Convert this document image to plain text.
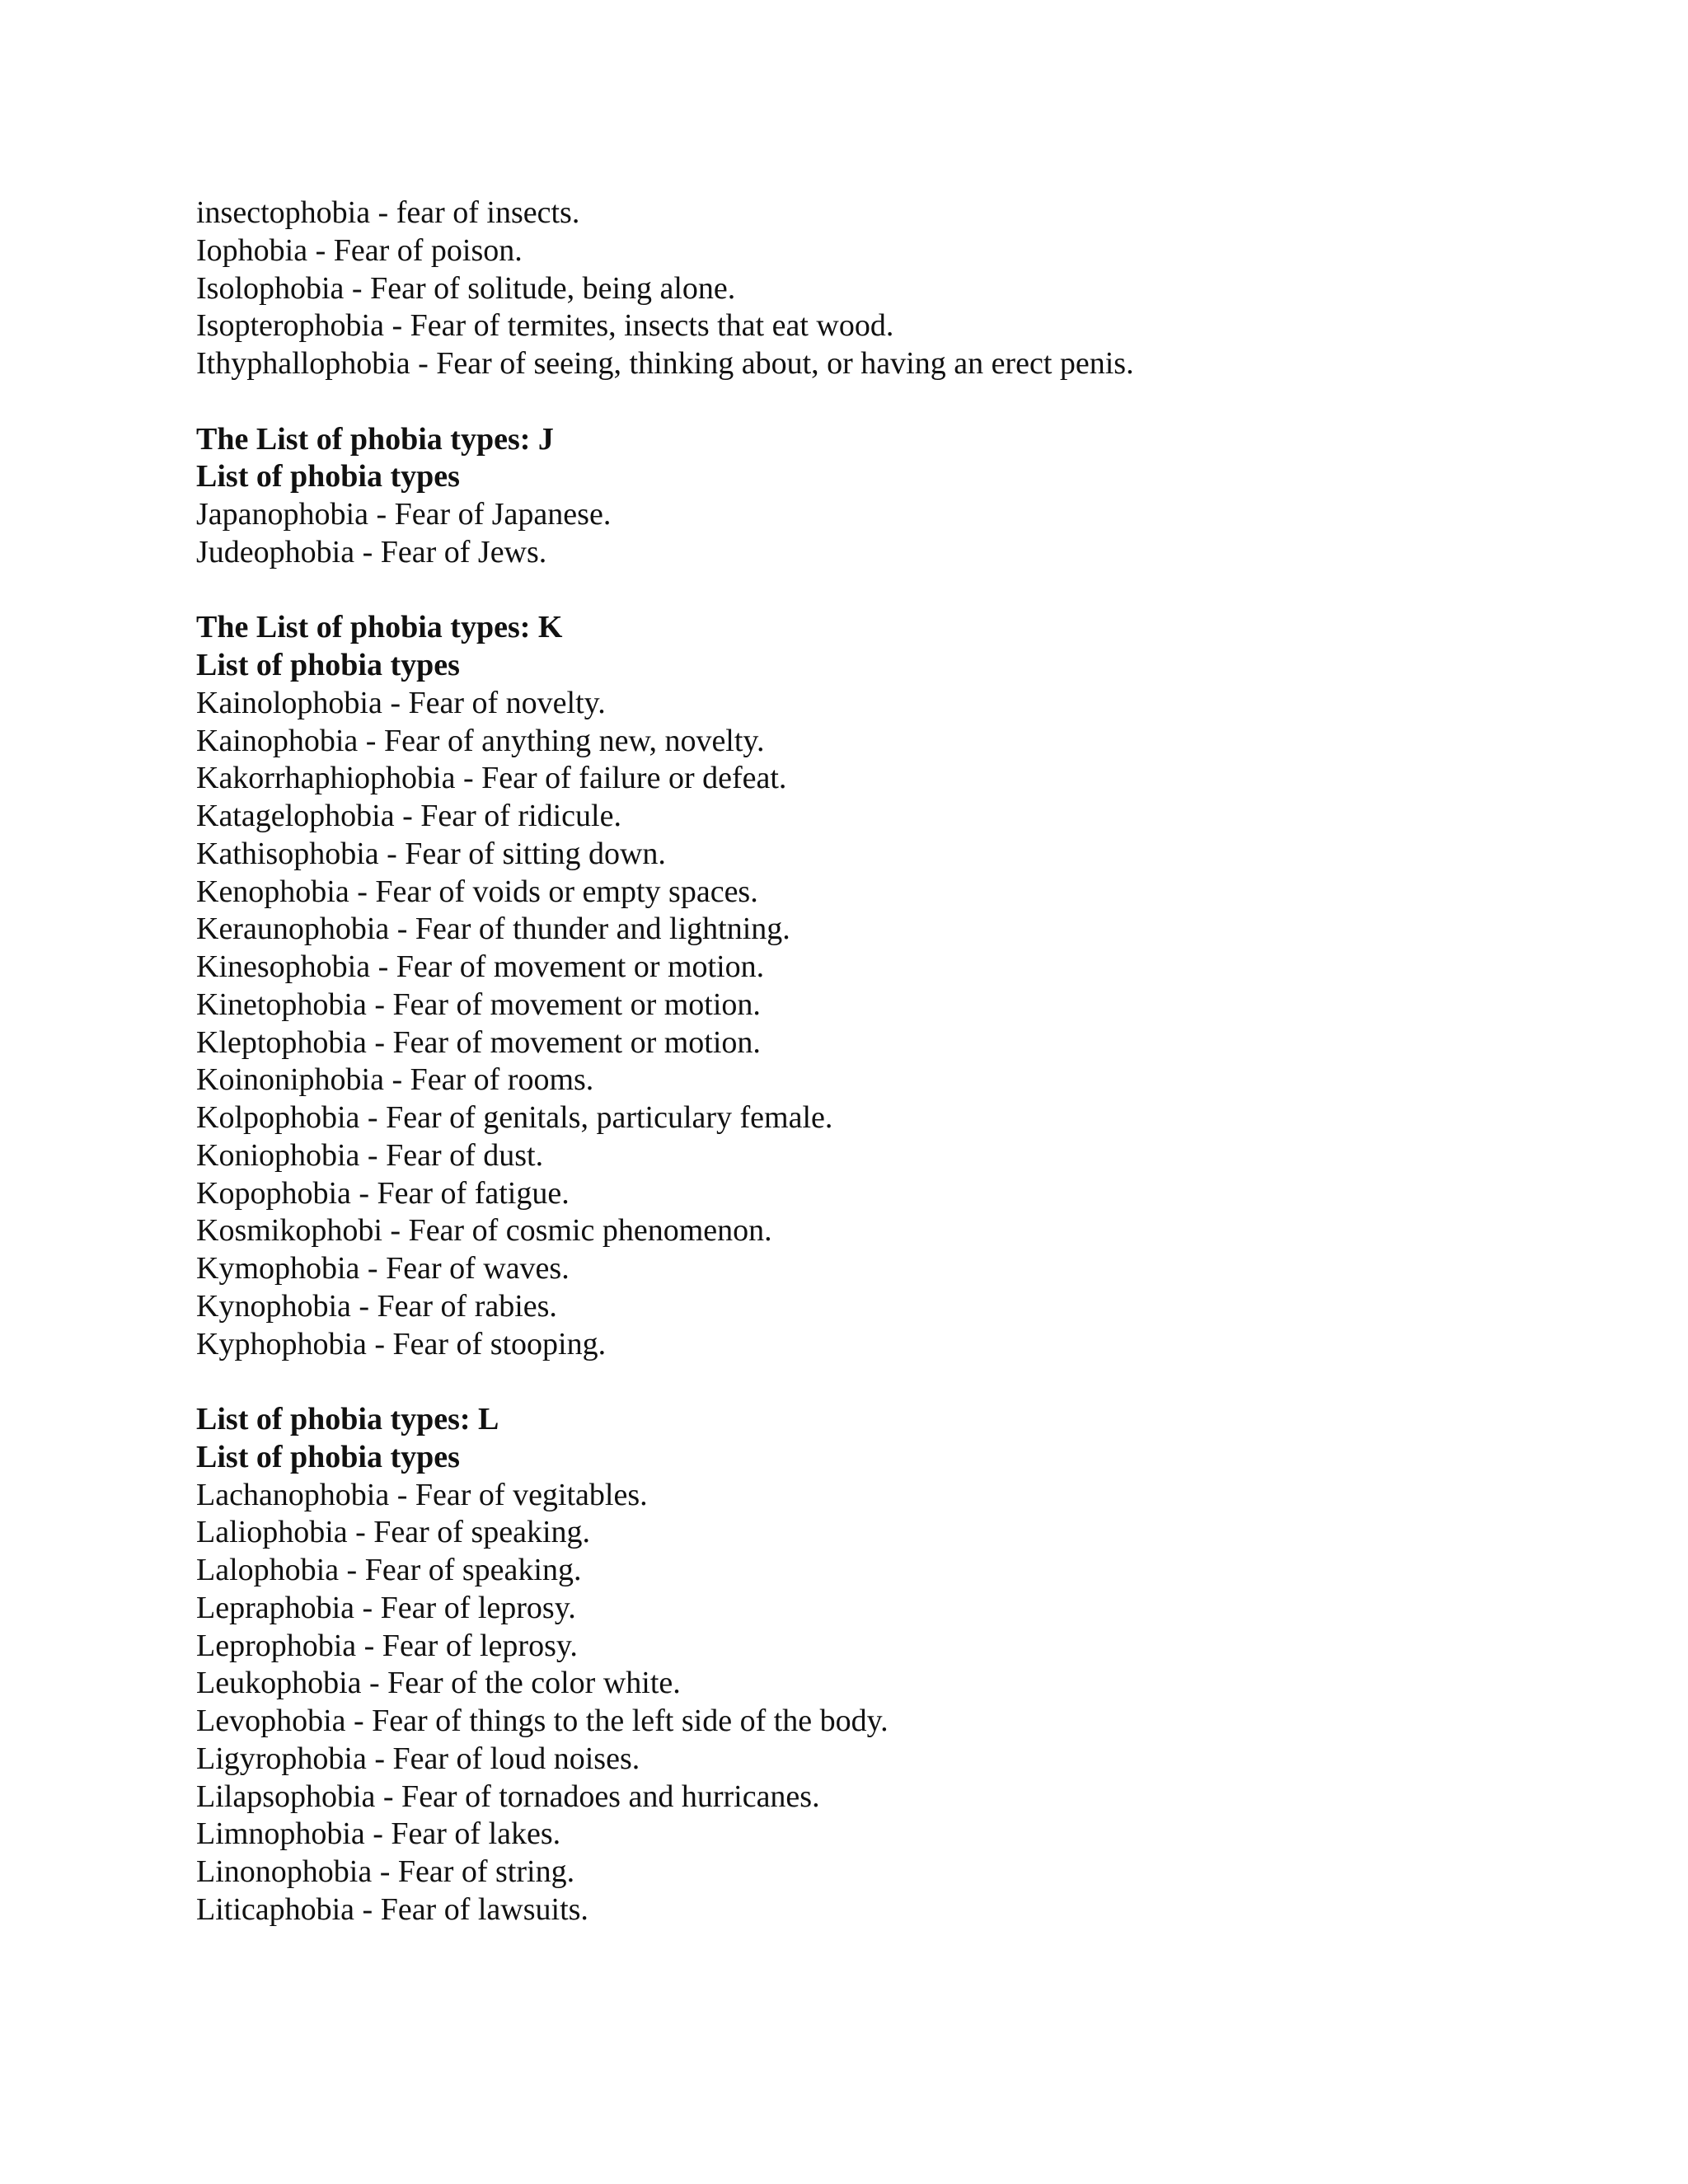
insectophobia - fear of insects.

Iophobia - Fear of poison.

Isolophobia - Fear of solitude, being alone.

Isopterophobia - Fear of termites, insects that eat wood.

Ithyphallophobia - Fear of seeing, thinking about, or having an erect penis.

The List of phobia types: J

List of phobia types

Japanophobia - Fear of Japanese.

Judeophobia - Fear of Jews.

The List of phobia types: K

List of phobia types

Kainolophobia - Fear of novelty.

Kainophobia - Fear of anything new, novelty.

Kakorrhaphiophobia - Fear of failure or defeat.

Katagelophobia - Fear of ridicule.

Kathisophobia - Fear of sitting down.

Kenophobia - Fear of voids or empty spaces.

Keraunophobia - Fear of thunder and lightning.

Kinesophobia - Fear of movement or motion.

Kinetophobia - Fear of movement or motion.

Kleptophobia - Fear of movement or motion.

Koinoniphobia - Fear of rooms.

Kolpophobia - Fear of genitals, particulary female.

Koniophobia - Fear of dust.

Kopophobia - Fear of fatigue.

Kosmikophobi - Fear of cosmic phenomenon.

Kymophobia - Fear of waves.

Kynophobia - Fear of rabies.

Kyphophobia - Fear of stooping.

List of phobia types: L

List of phobia types

Lachanophobia - Fear of vegitables.

Laliophobia - Fear of speaking.

Lalophobia - Fear of speaking.

Lepraphobia - Fear of leprosy.

Leprophobia - Fear of leprosy.

Leukophobia - Fear of the color white.

Levophobia - Fear of things to the left side of the body.

Ligyrophobia - Fear of loud noises.

Lilapsophobia - Fear of tornadoes and hurricanes.

Limnophobia - Fear of lakes.

Linonophobia - Fear of string.

Liticaphobia - Fear of lawsuits.
